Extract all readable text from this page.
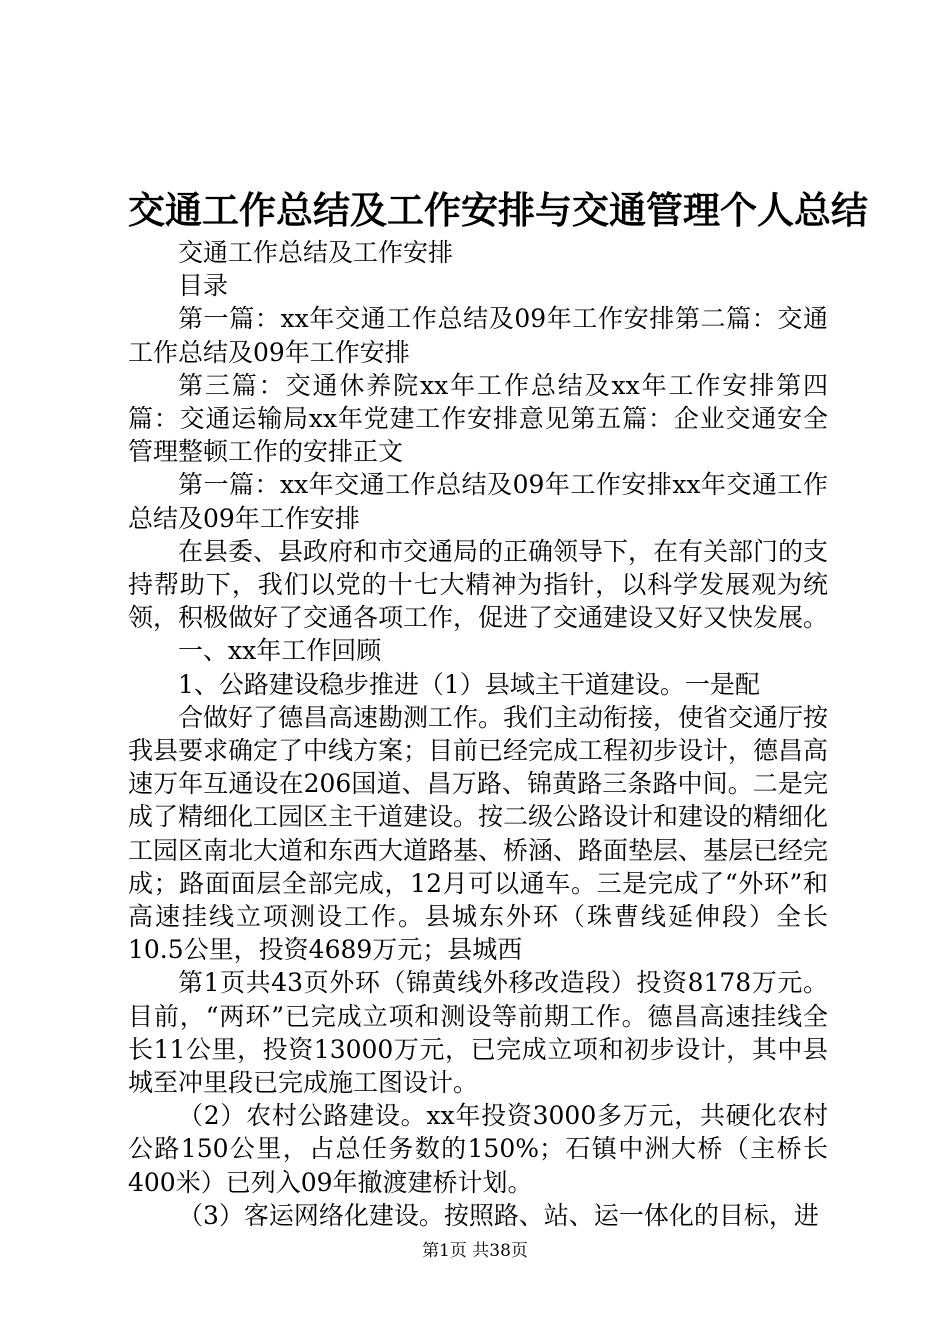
交通工作总结及工作安排与交通管理个人总结

交通工作总结及工作安排

目录

第一篇：xx年交通工作总结及09年工作安排第二篇：交通工作总结及09年工作安排

第三篇：交通休养院xx年工作总结及xx年工作安排第四篇：交通运输局xx年党建工作安排意见第五篇：企业交通安全管理整顿工作的安排正文

第一篇：xx年交通工作总结及09年工作安排xx年交通工作总结及09年工作安排

在县委、县政府和市交通局的正确领导下，在有关部门的支持帮助下，我们以党的十七大精神为指针，以科学发展观为统领，积极做好了交通各项工作，促进了交通建设又好又快发展。

一、xx年工作回顾

1、公路建设稳步推进（1）县域主干道建设。一是配

合做好了德昌高速勘测工作。我们主动衔接，使省交通厅按我县要求确定了中线方案；目前已经完成工程初步设计，德昌高速万年互通设在206国道、昌万路、锦黄路三条路中间。二是完成了精细化工园区主干道建设。按二级公路设计和建设的精细化工园区南北大道和东西大道路基、桥涵、路面垫层、基层已经完成；路面面层全部完成，12月可以通车。三是完成了“外环”和高速挂线立项测设工作。县城东外环（珠曹线延伸段）全长10.5公里，投资4689万元；县城西

第1页共43页外环（锦黄线外移改造段）投资8178万元。目前，“两环”已完成立项和测设等前期工作。德昌高速挂线全长11公里，投资13000万元，已完成立项和初步设计，其中县城至冲里段已完成施工图设计。

（2）农村公路建设。xx年投资3000多万元，共硬化农村公路150公里，占总任务数的150%；石镇中洲大桥（主桥长400米）已列入09年撤渡建桥计划。

（3）客运网络化建设。按照路、站、运一体化的目标，进

第1页 共38页
